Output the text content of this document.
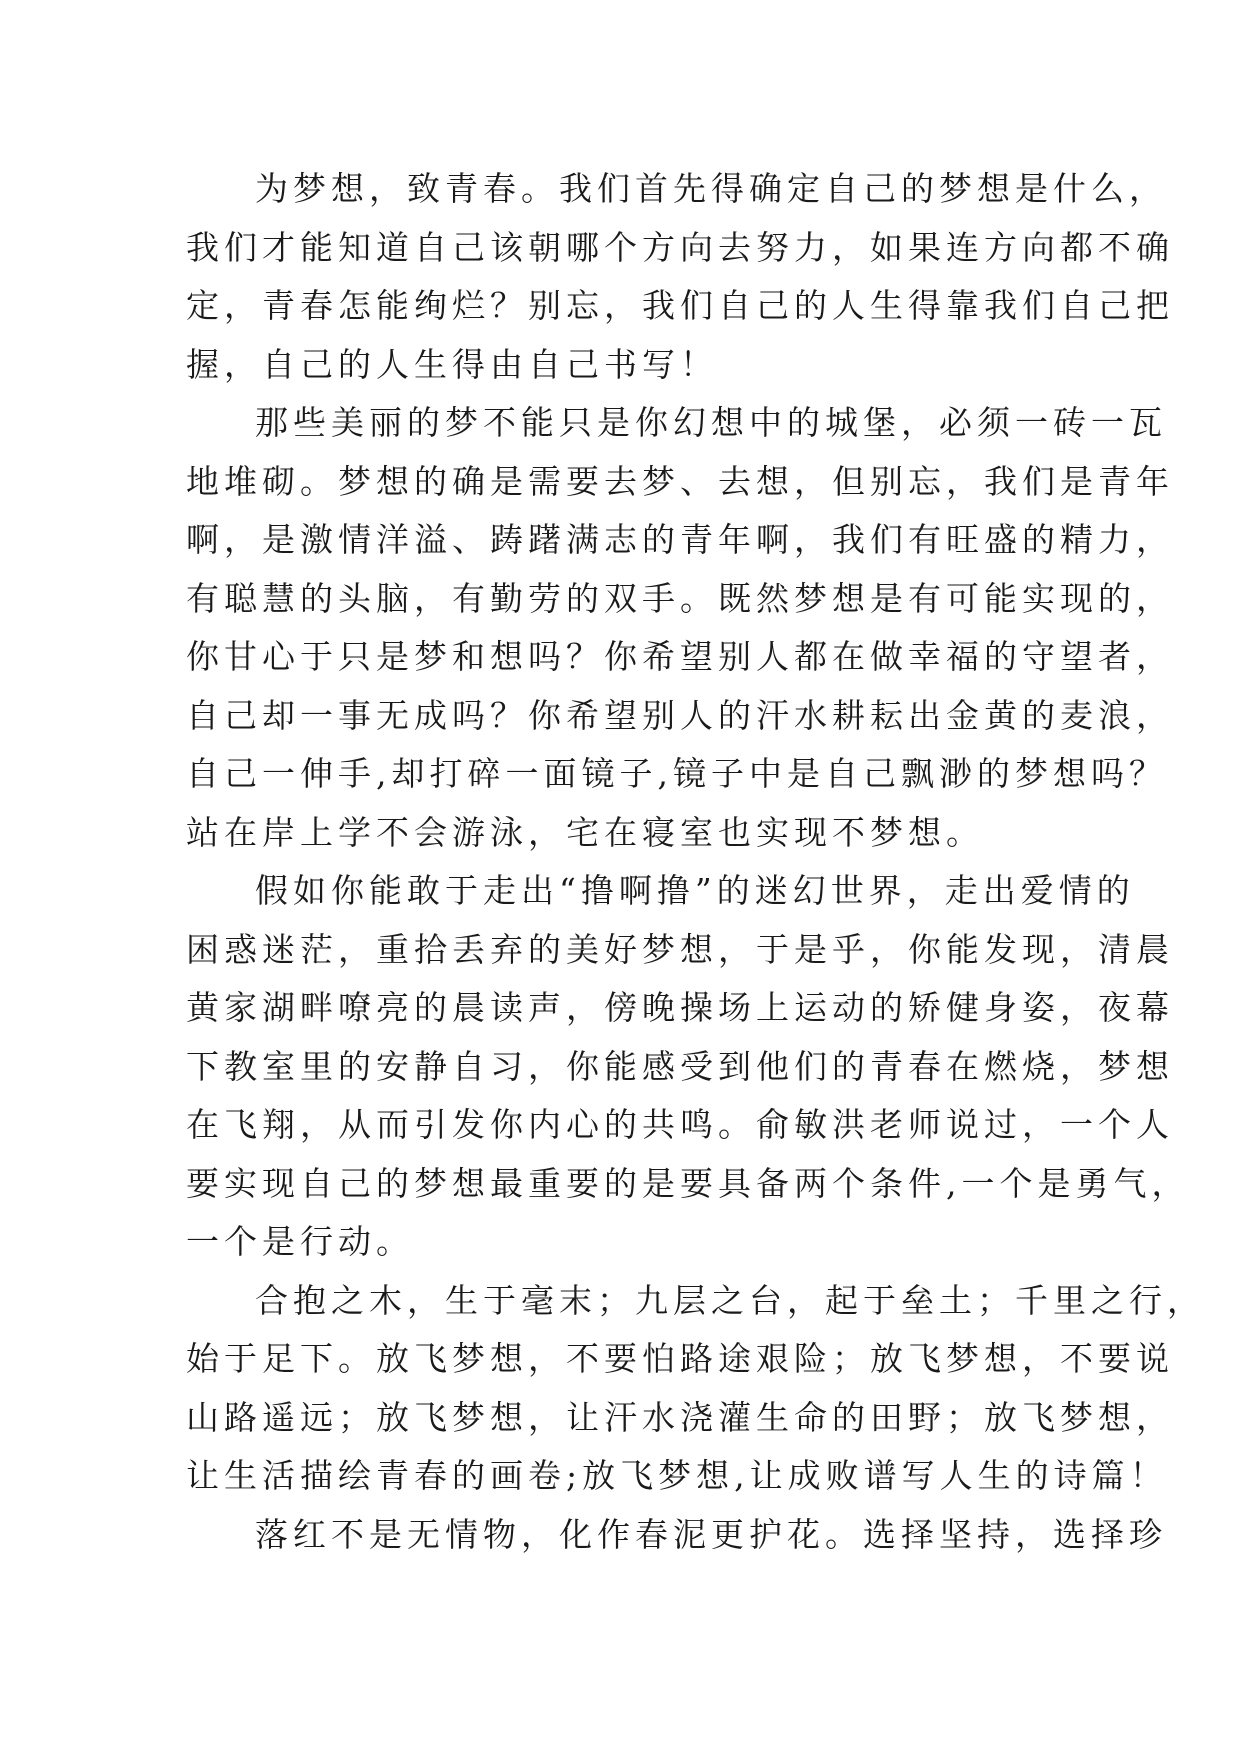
为梦想，致青春。我们首先得确定自己的梦想是什么，
我们才能知道自己该朝哪个方向去努力，如果连方向都不确
定，青春怎能绚烂？别忘，我们自己的人生得靠我们自己把
握，自己的人生得由自己书写！
那些美丽的梦不能只是你幻想中的城堡，必须一砖一瓦
地堆砌。梦想的确是需要去梦、去想，但别忘，我们是青年
啊，是激情洋溢、踌躇满志的青年啊，我们有旺盛的精力，
有聪慧的头脑，有勤劳的双手。既然梦想是有可能实现的，
你甘心于只是梦和想吗？你希望别人都在做幸福的守望者，
自己却一事无成吗？你希望别人的汗水耕耘出金黄的麦浪，
自己一伸手,却打碎一面镜子,镜子中是自己飘渺的梦想吗？
站在岸上学不会游泳，宅在寝室也实现不梦想。
假如你能敢于走出“撸啊撸”的迷幻世界，走出爱情的
困惑迷茫，重拾丢弃的美好梦想，于是乎，你能发现，清晨
黄家湖畔嘹亮的晨读声，傍晚操场上运动的矫健身姿，夜幕
下教室里的安静自习，你能感受到他们的青春在燃烧，梦想
在飞翔，从而引发你内心的共鸣。俞敏洪老师说过，一个人
要实现自己的梦想最重要的是要具备两个条件,一个是勇气，
一个是行动。
合抱之木，生于毫末；九层之台，起于垒土；千里之行，
始于足下。放飞梦想，不要怕路途艰险；放飞梦想，不要说
山路遥远；放飞梦想，让汗水浇灌生命的田野；放飞梦想，
让生活描绘青春的画卷;放飞梦想,让成败谱写人生的诗篇！
落红不是无情物，化作春泥更护花。选择坚持，选择珍
